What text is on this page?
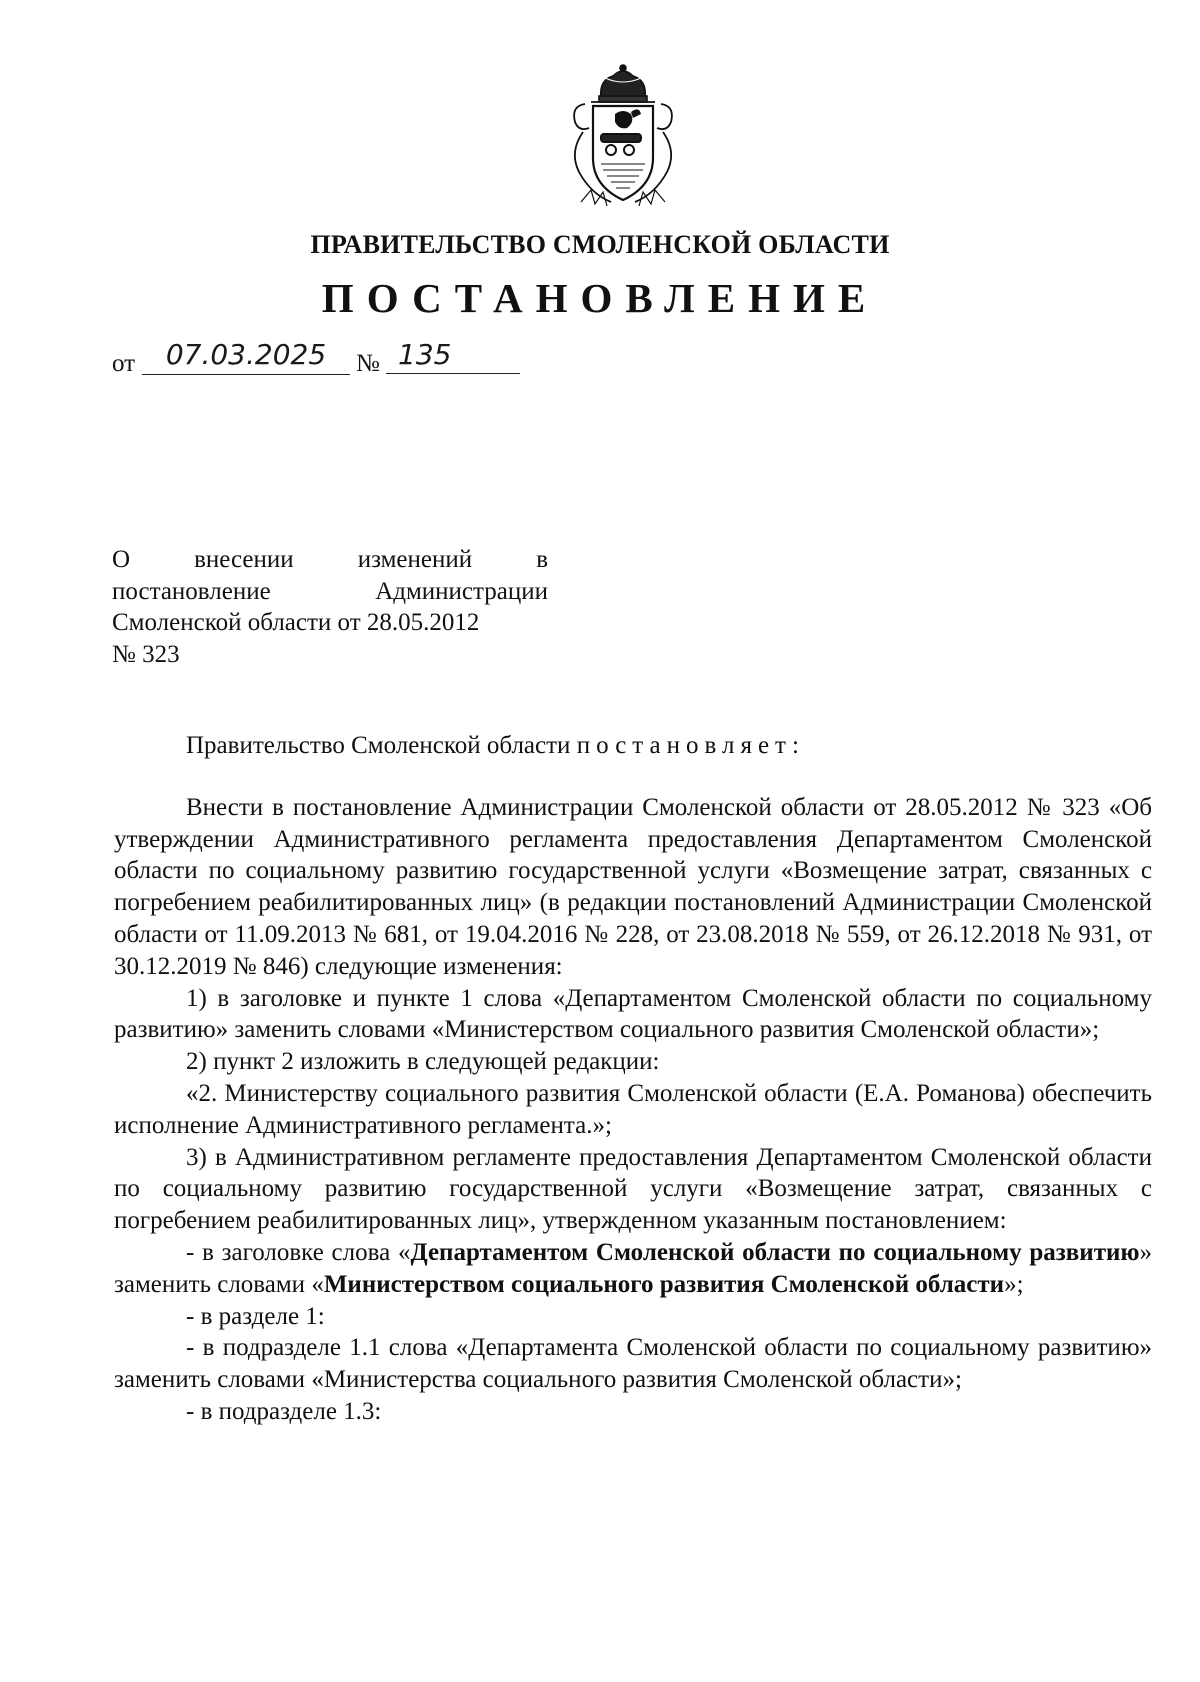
ПРАВИТЕЛЬСТВО СМОЛЕНСКОЙ ОБЛАСТИ
ПОСТАНОВЛЕНИЕ
от	07.03.2025	№ 135
О	внесении	изменений	в
постановление	Администрации
Смоленской области от 28.05.2012
№ 323

Правительство Смоленской области постановляет:

Внести в постановление Администрации Смоленской области от 28.05.2012 № 323 «Об утверждении Административного регламента предоставления Департаментом Смоленской области по социальному развитию государственной услуги «Возмещение затрат, связанных с погребением реабилитированных лиц» (в редакции постановлений Администрации Смоленской области от 11.09.2013 № 681, от 19.04.2016 № 228, от 23.08.2018 № 559, от 26.12.2018 № 931, от 30.12.2019 № 846) следующие изменения:

1) в заголовке и пункте 1 слова «Департаментом Смоленской области по социальному развитию» заменить словами «Министерством социального развития Смоленской области»;

2) пункт 2 изложить в следующей редакции:

«2. Министерству социального развития Смоленской области (Е.А. Романова) обеспечить исполнение Административного регламента.»;

3) в Административном регламенте предоставления Департаментом Смоленской области по социальному развитию государственной услуги «Возмещение затрат, связанных с погребением реабилитированных лиц», утвержденном указанным постановлением:

- в заголовке слова «Департаментом Смоленской области по социальному развитию» заменить словами «Министерством социального развития Смоленской области»;

- в разделе 1:

- в подразделе 1.1 слова «Департамента Смоленской области по социальному развитию» заменить словами «Министерства социального развития Смоленской области»;

- в подразделе 1.3:
